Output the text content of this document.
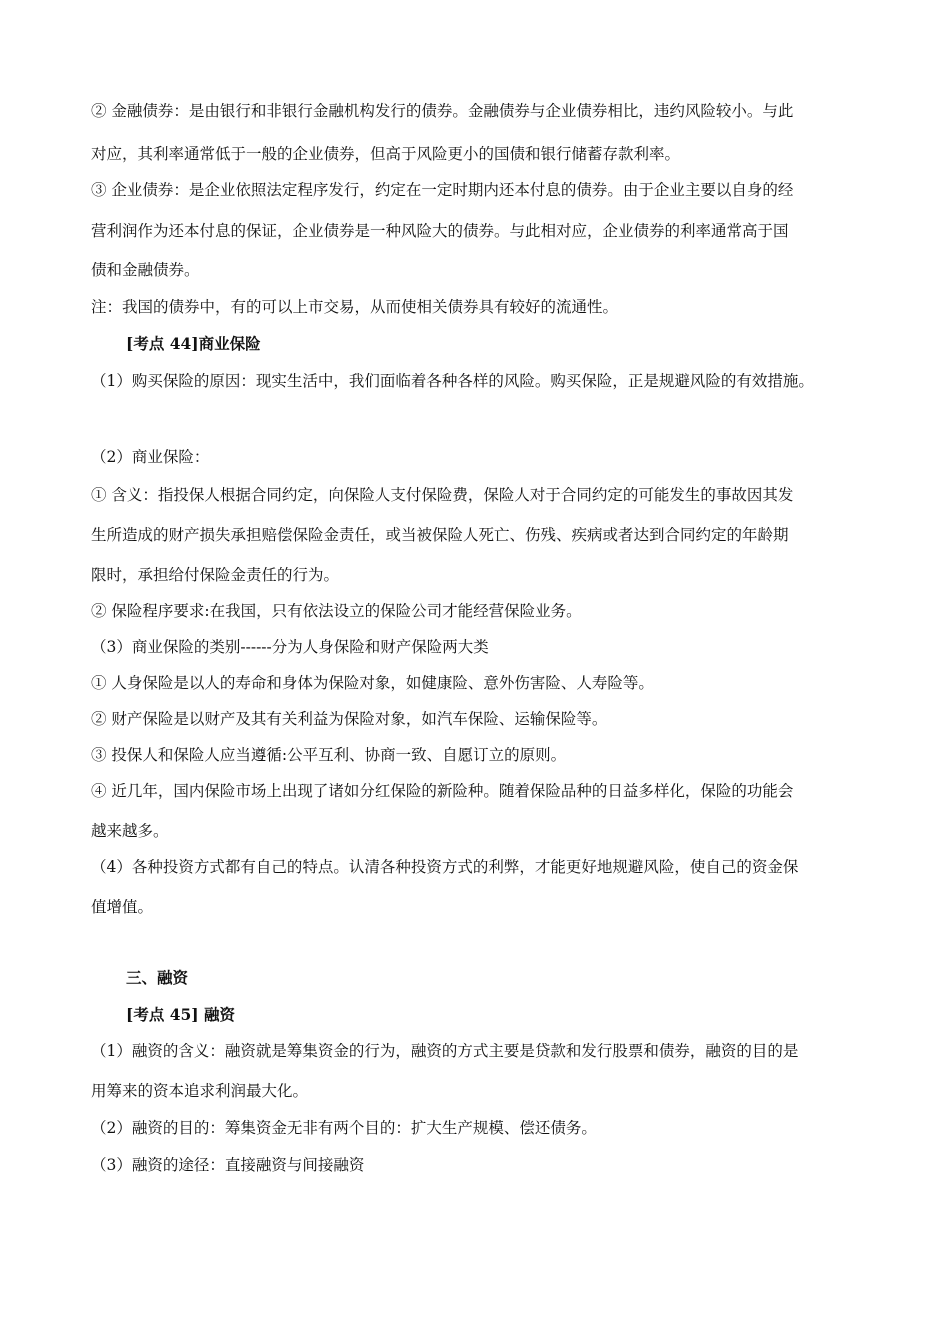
② 金融债券：是由银行和非银行金融机构发行的债券。金融债券与企业债券相比，违约风险较小。与此
对应，其利率通常低于一般的企业债券，但高于风险更小的国债和银行储蓄存款利率。
③ 企业债券：是企业依照法定程序发行，约定在一定时期内还本付息的债券。由于企业主要以自身的经
营利润作为还本付息的保证，企业债券是一种风险大的债券。与此相对应，企业债券的利率通常高于国
债和金融债券。
注：我国的债券中，有的可以上市交易，从而使相关债券具有较好的流通性。
[考点 44]商业保险
（1）购买保险的原因：现实生活中，我们面临着各种各样的风险。购买保险，正是规避风险的有效措施。
（2）商业保险：
① 含义：指投保人根据合同约定，向保险人支付保险费，保险人对于合同约定的可能发生的事故因其发
生所造成的财产损失承担赔偿保险金责任，或当被保险人死亡、伤残、疾病或者达到合同约定的年龄期
限时，承担给付保险金责任的行为。
② 保险程序要求:在我国，只有依法设立的保险公司才能经营保险业务。
（3）商业保险的类别------分为人身保险和财产保险两大类
① 人身保险是以人的寿命和身体为保险对象，如健康险、意外伤害险、人寿险等。
② 财产保险是以财产及其有关利益为保险对象，如汽车保险、运输保险等。
③ 投保人和保险人应当遵循:公平互利、协商一致、自愿订立的原则。
④ 近几年，国内保险市场上出现了诸如分红保险的新险种。随着保险品种的日益多样化，保险的功能会
越来越多。
（4）各种投资方式都有自己的特点。认清各种投资方式的利弊，才能更好地规避风险，使自己的资金保
值增值。
三、融资
[考点 45] 融资
（1）融资的含义：融资就是筹集资金的行为，融资的方式主要是贷款和发行股票和债券，融资的目的是
用筹来的资本追求利润最大化。
（2）融资的目的：筹集资金无非有两个目的：扩大生产规模、偿还债务。
（3）融资的途径：直接融资与间接融资
